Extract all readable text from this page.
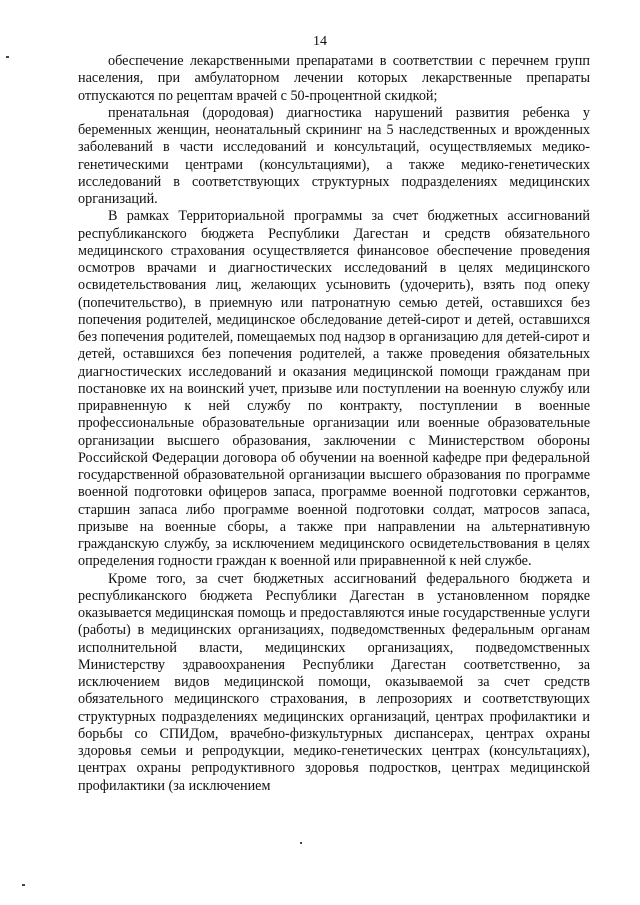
14

обеспечение лекарственными препаратами в соответствии с перечнем групп населения, при амбулаторном лечении которых лекарственные препараты отпускаются по рецептам врачей с 50-процентной скидкой;

пренатальная (дородовая) диагностика нарушений развития ребенка у беременных женщин, неонатальный скрининг на 5 наследственных и врожденных заболеваний в части исследований и консультаций, осуществляемых медико-генетическими центрами (консультациями), а также медико-генетических исследований в соответствующих структурных подразделениях медицинских организаций.

В рамках Территориальной программы за счет бюджетных ассигнований республиканского бюджета Республики Дагестан и средств обязательного медицинского страхования осуществляется финансовое обеспечение проведения осмотров врачами и диагностических исследований в целях медицинского освидетельствования лиц, желающих усыновить (удочерить), взять под опеку (попечительство), в приемную или патронатную семью детей, оставшихся без попечения родителей, медицинское обследование детей-сирот и детей, оставшихся без попечения родителей, помещаемых под надзор в организацию для детей-сирот и детей, оставшихся без попечения родителей, а также проведения обязательных диагностических исследований и оказания медицинской помощи гражданам при постановке их на воинский учет, призыве или поступлении на военную службу или приравненную к ней службу по контракту, поступлении в военные профессиональные образовательные организации или военные образовательные организации высшего образования, заключении с Министерством обороны Российской Федерации договора об обучении на военной кафедре при федеральной государственной образовательной организации высшего образования по программе военной подготовки офицеров запаса, программе военной подготовки сержантов, старшин запаса либо программе военной подготовки солдат, матросов запаса, призыве на военные сборы, а также при направлении на альтернативную гражданскую службу, за исключением медицинского освидетельствования в целях определения годности граждан к военной или приравненной к ней службе.

Кроме того, за счет бюджетных ассигнований федерального бюджета и республиканского бюджета Республики Дагестан в установленном порядке оказывается медицинская помощь и предоставляются иные государственные услуги (работы) в медицинских организациях, подведомственных федеральным органам исполнительной власти, медицинских организациях, подведомственных Министерству здравоохранения Республики Дагестан соответственно, за исключением видов медицинской помощи, оказываемой за счет средств обязательного медицинского страхования, в лепрозориях и соответствующих структурных подразделениях медицинских организаций, центрах профилактики и борьбы со СПИДом, врачебно-физкультурных диспансерах, центрах охраны здоровья семьи и репродукции, медико-генетических центрах (консультациях), центрах охраны репродуктивного здоровья подростков, центрах медицинской профилактики (за исключением
